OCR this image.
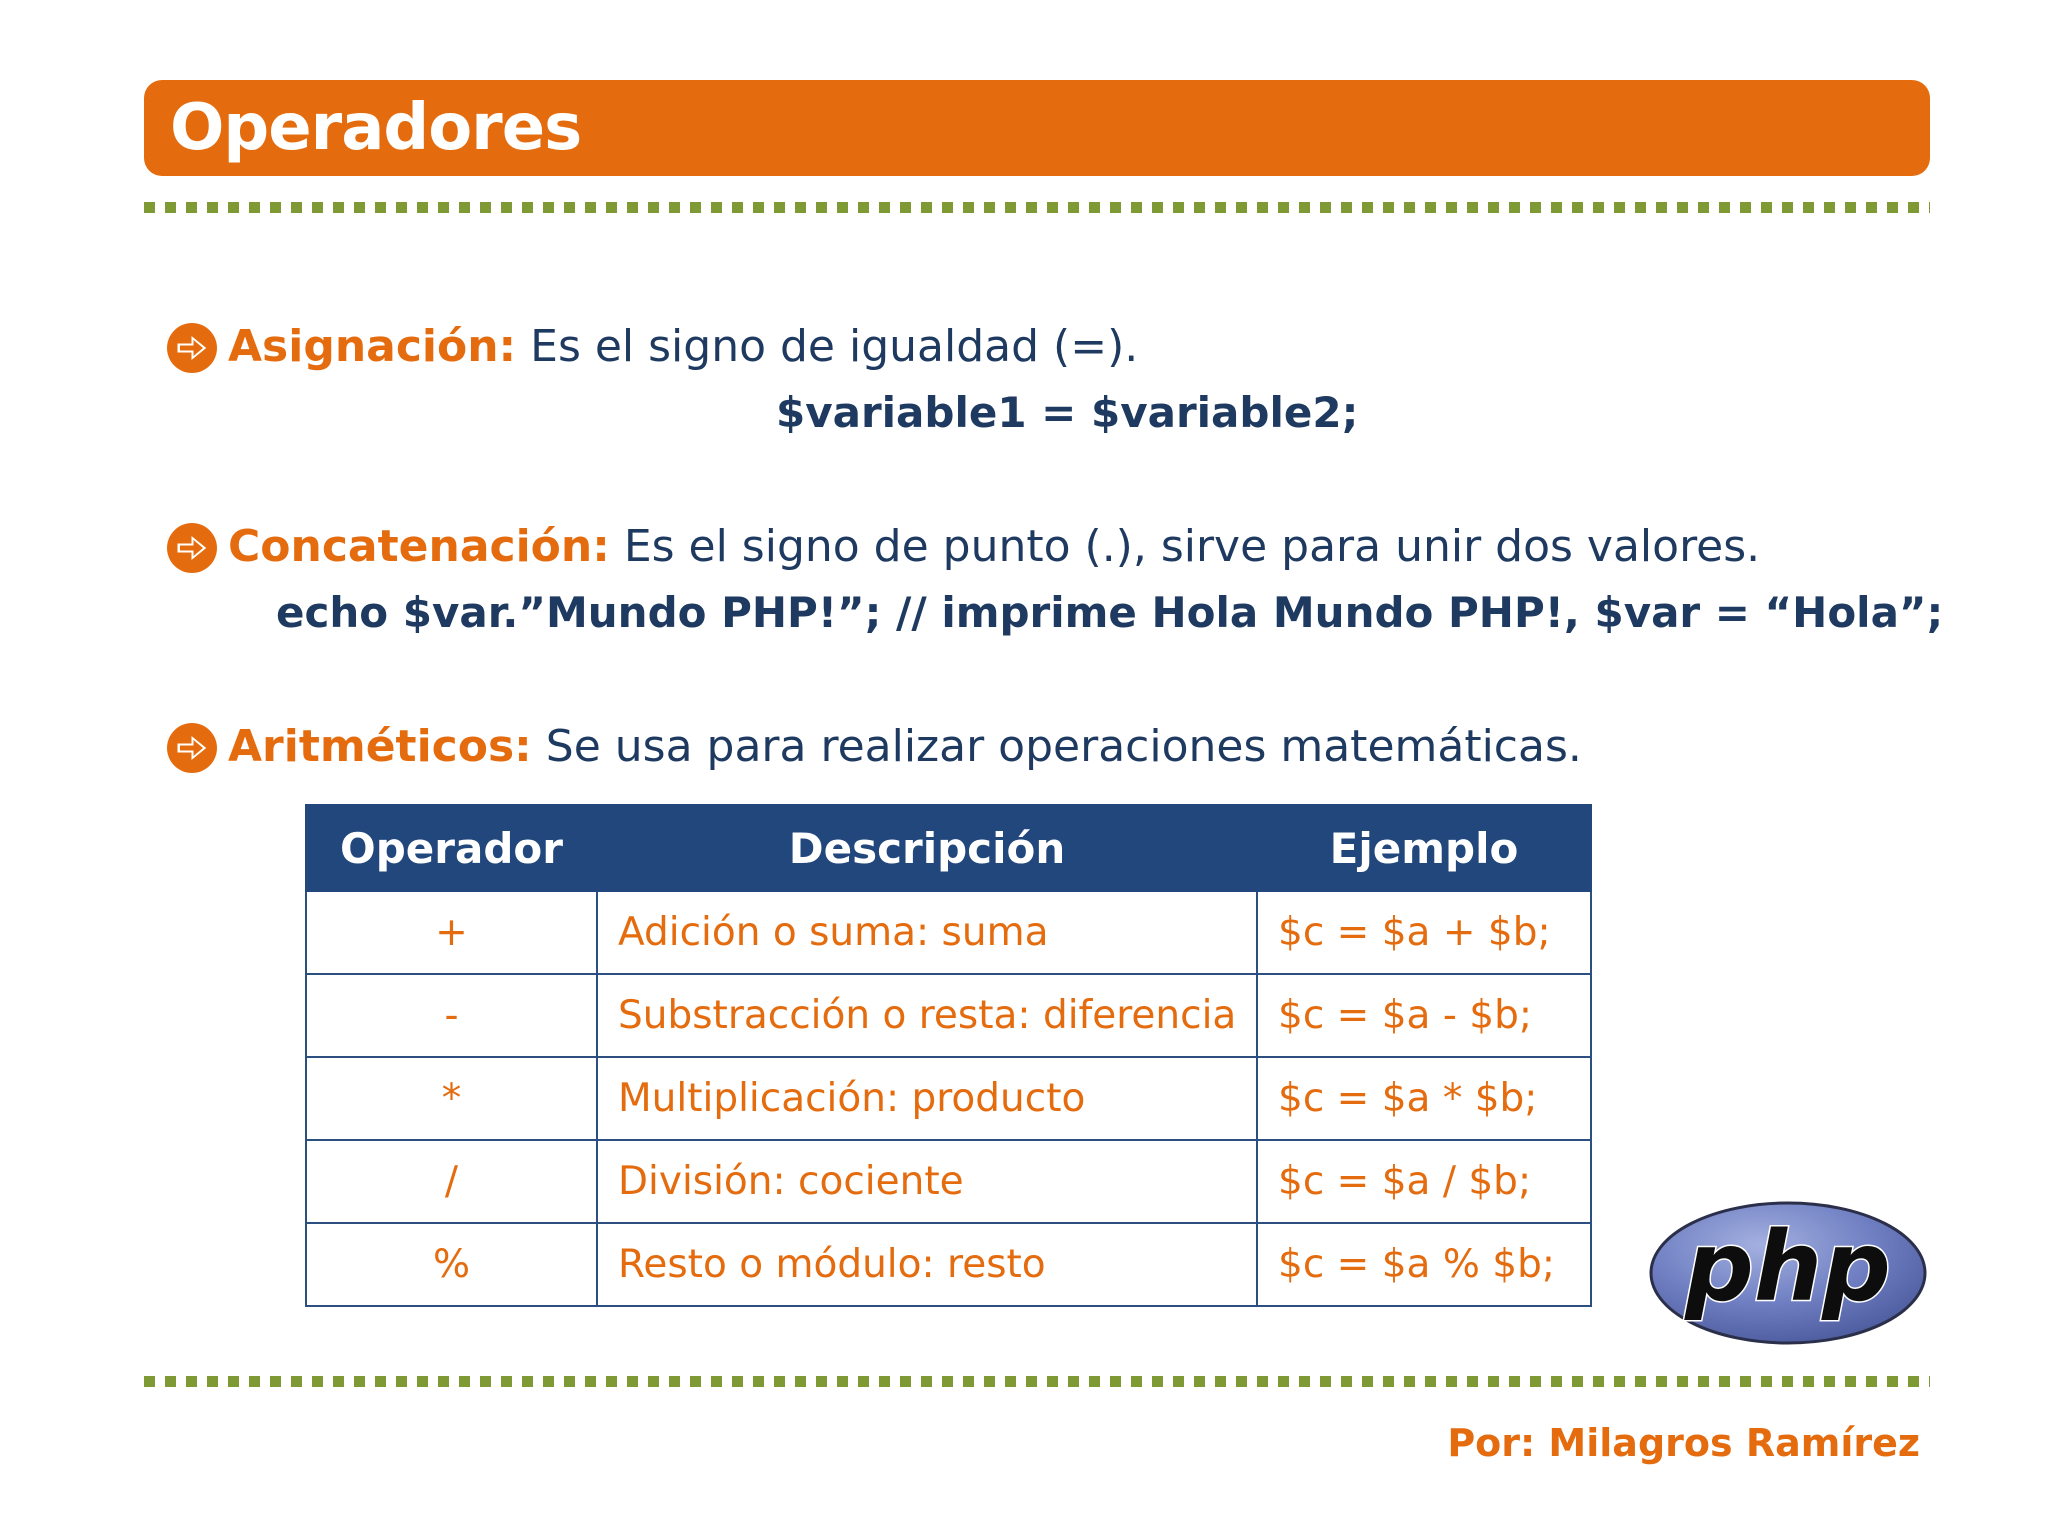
Operadores
Asignación: Es el signo de igualdad (=).
$variable1 = $variable2;
Concatenación: Es el signo de punto (.), sirve para unir dos valores.
echo $var.”Mundo PHP!”; // imprime Hola Mundo PHP!, $var = “Hola”;
Aritméticos: Se usa para realizar operaciones matemáticas.
Operador	Descripción	Ejemplo
+	Adición o suma: suma	$c = $a + $b;
-	Substracción o resta: diferencia	$c = $a - $b;
*	Multiplicación: producto	$c = $a * $b;
/	División: cociente	$c = $a / $b;
%	Resto o módulo: resto	$c = $a % $b; php
Por: Milagros Ramírez
